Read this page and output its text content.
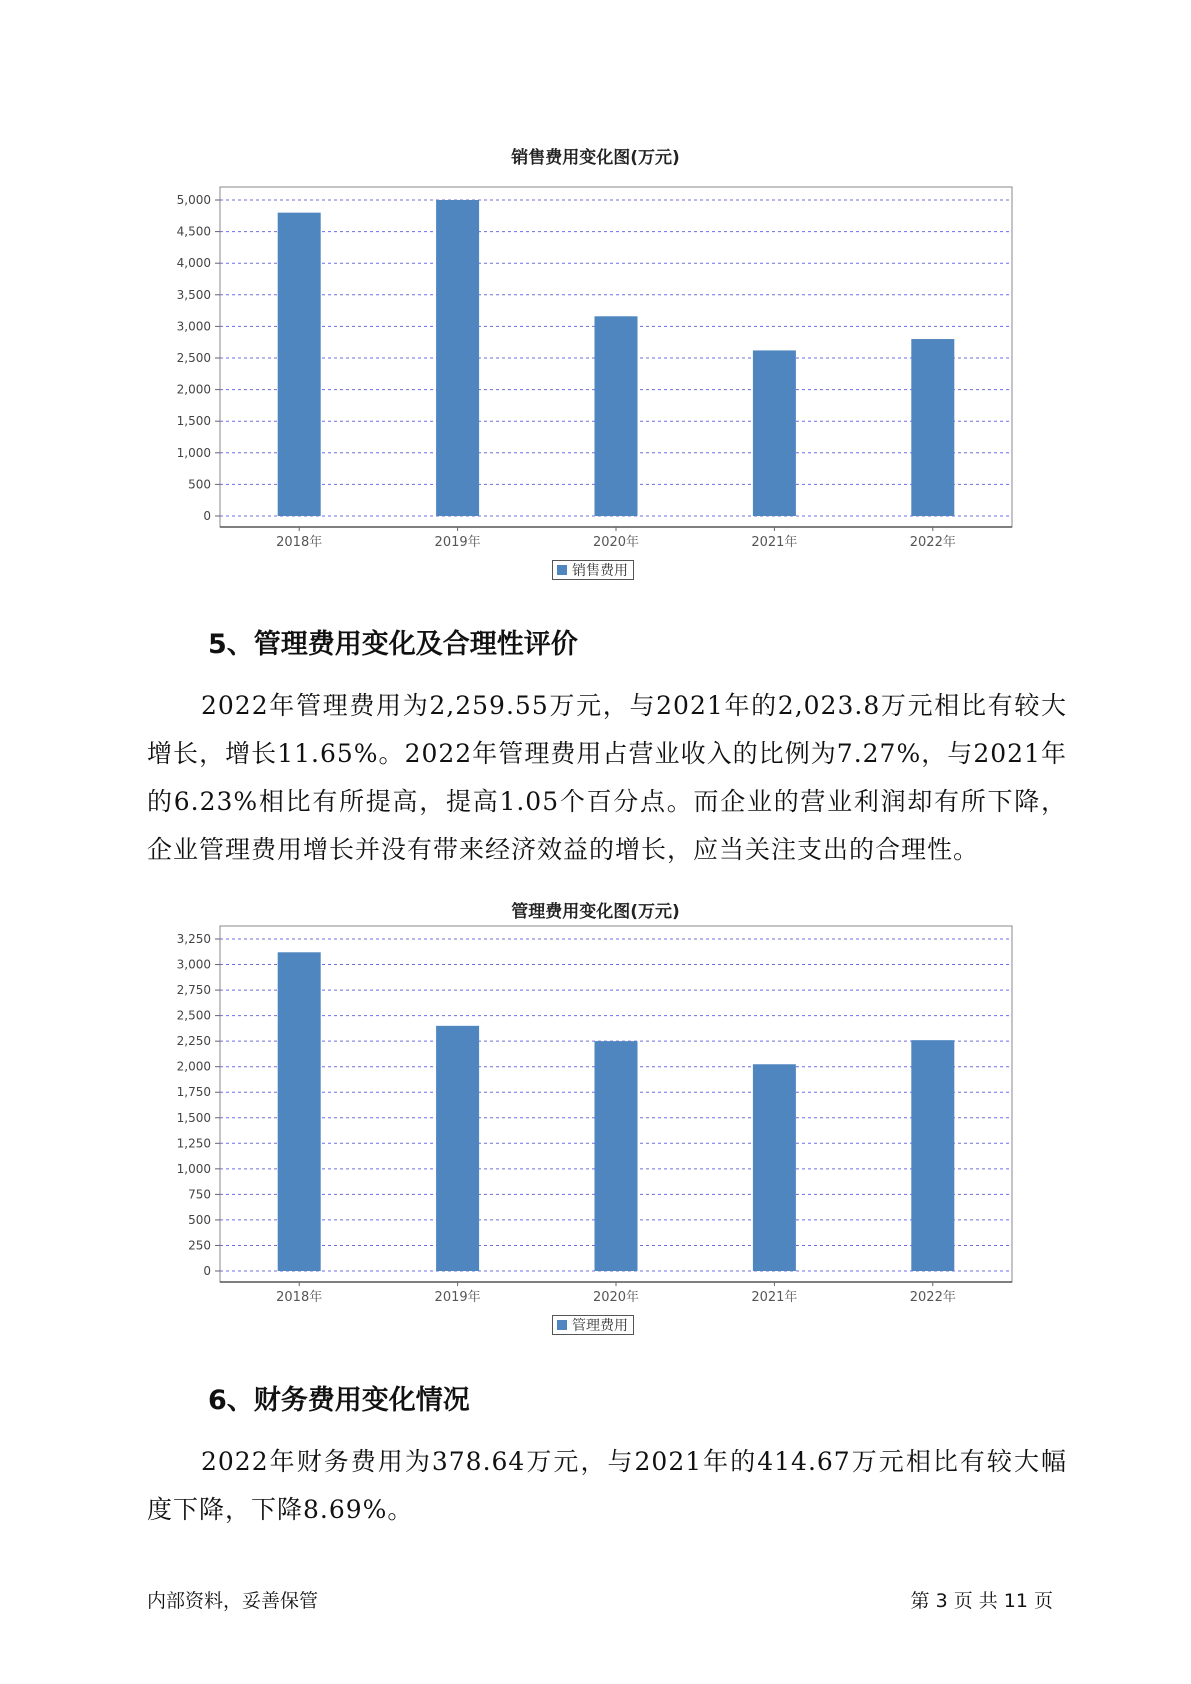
销售费用变化图(万元)
0
500
1,000
1,500
2,000
2,500
3,000
3,500
4,000
4,500
5,000
2018年	2019年	2020年	2021年	2022年
销售费用
5、管理费用变化及合理性评价

2022年管理费用为2,259.55万元，与2021年的2,023.8万元相比有较大增长，增长11.65%。2022年管理费用占营业收入的比例为7.27%，与2021年的6.23%相比有所提高，提高1.05个百分点。而企业的营业利润却有所下降，企业管理费用增长并没有带来经济效益的增长，应当关注支出的合理性。

管理费用变化图(万元)
0
250
500
750
1,000
1,250
1,500
1,750
2,000
2,250
2,500
2,750
3,000
3,250
2018年	2019年	2020年	2021年	2022年
管理费用
6、财务费用变化情况

2022年财务费用为378.64万元，与2021年的414.67万元相比有较大幅度下降，下降8.69%。

内部资料，妥善保管	第 3 页 共 11 页
